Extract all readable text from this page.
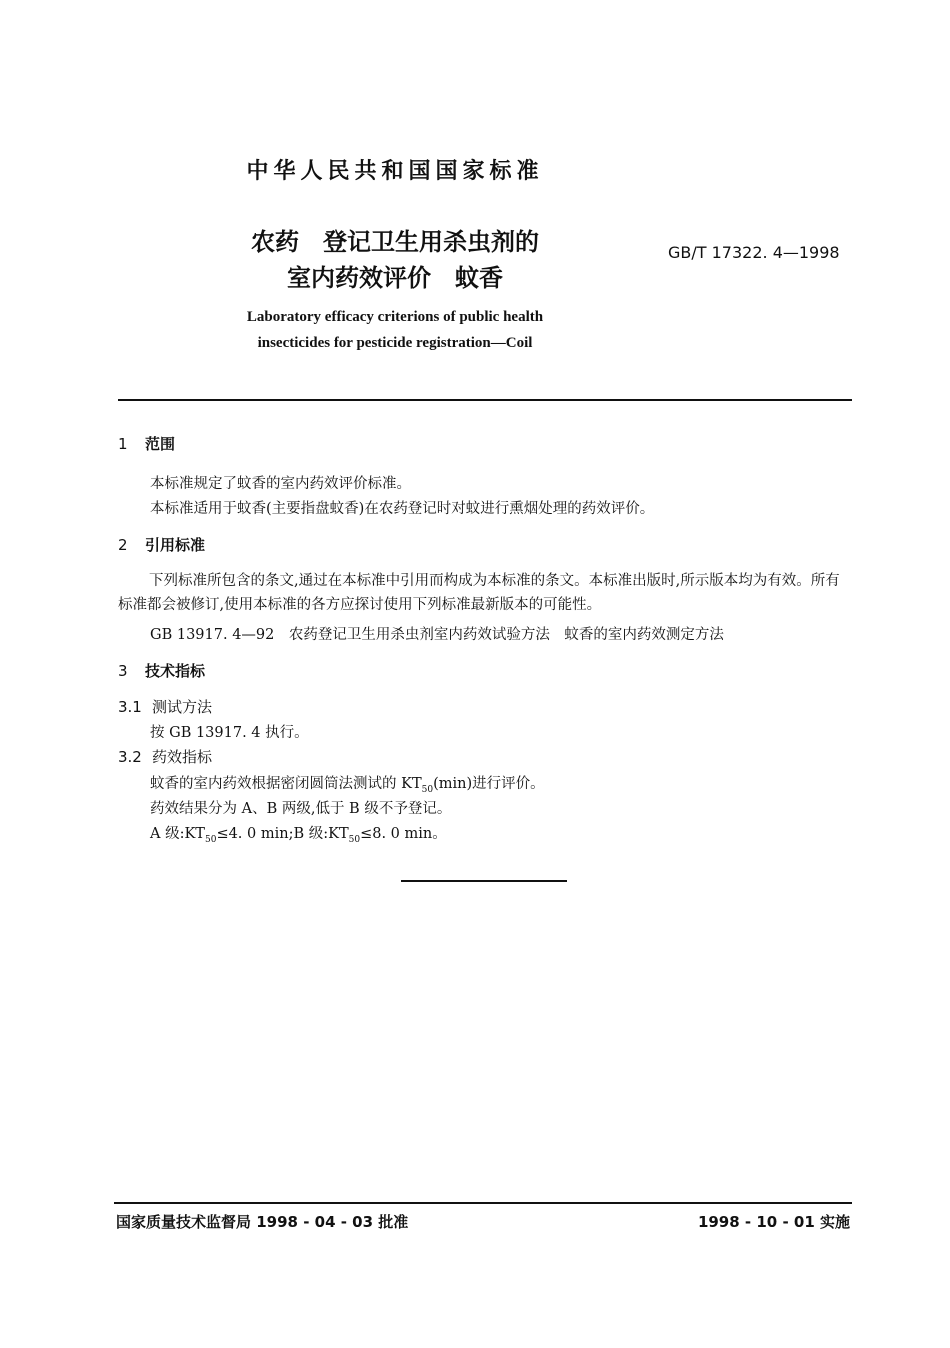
中华人民共和国国家标准
农药　登记卫生用杀虫剂的
室内药效评价　蚊香
GB/T 17322. 4—1998
Laboratory efficacy criterions of public health
insecticides for pesticide registration—Coil
1 范围
本标准规定了蚊香的室内药效评价标准。
本标准适用于蚊香(主要指盘蚊香)在农药登记时对蚊进行熏烟处理的药效评价。
2 引用标准
下列标准所包含的条文,通过在本标准中引用而构成为本标准的条文。本标准出版时,所示版本均为有效。所有标准都会被修订,使用本标准的各方应探讨使用下列标准最新版本的可能性。
GB 13917. 4—92　农药登记卫生用杀虫剂室内药效试验方法　蚊香的室内药效测定方法
3 技术指标
3.1 测试方法
按 GB 13917. 4 执行。
3.2 药效指标
蚊香的室内药效根据密闭圆筒法测试的 $KT_{50}(\min)$进行评价。
药效结果分为 A、B 两级,低于 B 级不予登记。
A 级$:KT_{50}\le 4$. 0 min;B 级$:KT_{50}\le 8$. 0 min。
国家质量技术监督局 1998 - 04 - 03 批准	1998 - 10 - 01 实施
